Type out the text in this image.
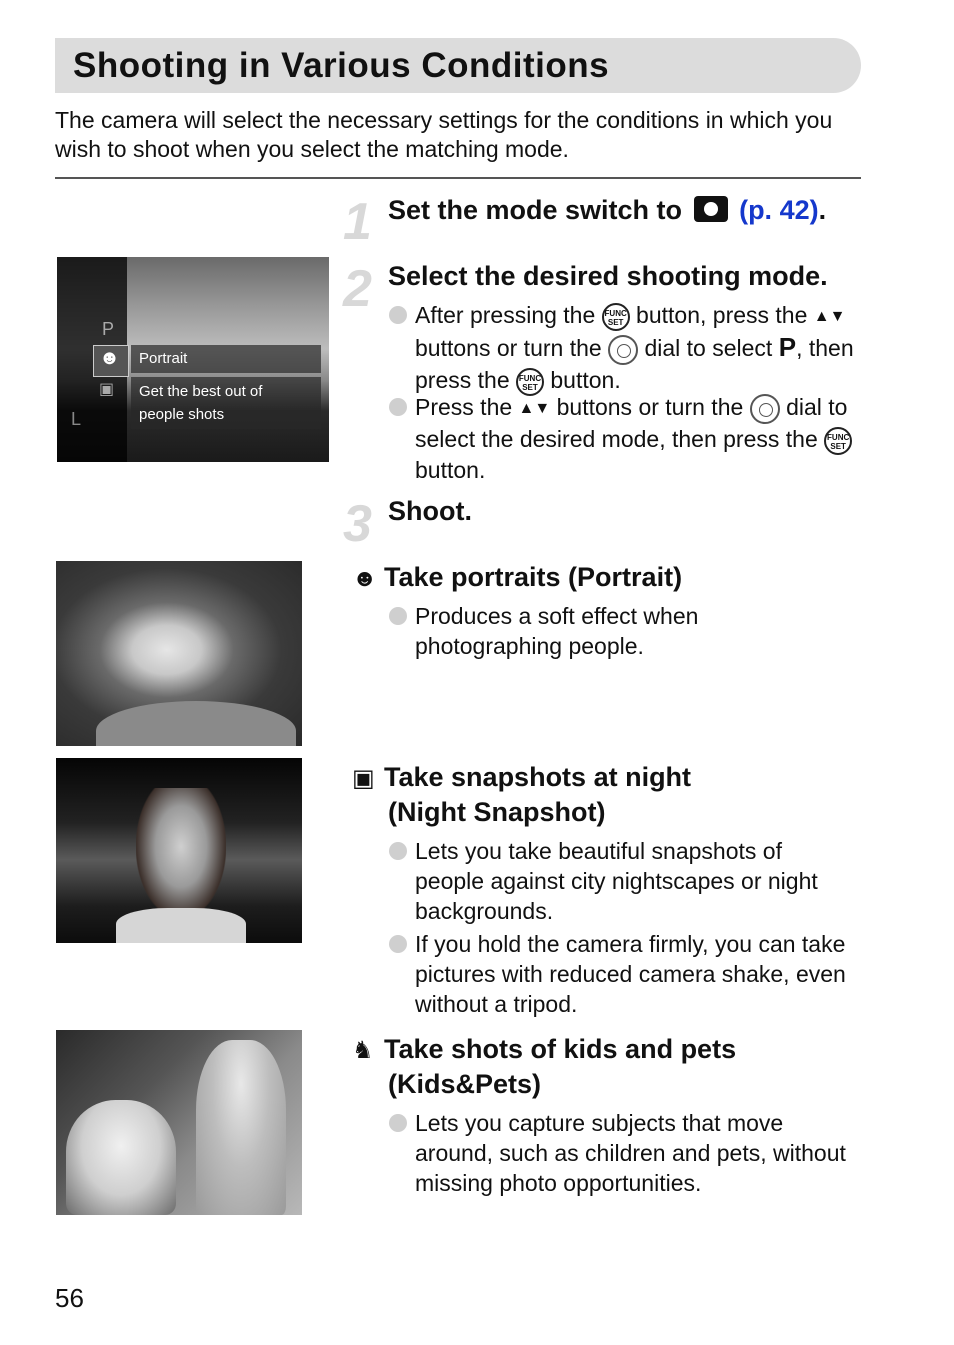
Shooting in Various Conditions
The camera will select the necessary settings for the conditions in which you wish to shoot when you select the matching mode.
1 Set the mode switch to (p. 42).
P
☻
▣
L
Portrait
Get the best out of
people shots
2 Select the desired shooting mode.
After pressing the FUNC SET button, press the ▲▼ buttons or turn the dial to select P, then press the FUNC SET button.
Press the ▲▼ buttons or turn the dial to select the desired mode, then press the FUNC SET button.
3 Shoot.
☻ Take portraits (Portrait)
Produces a soft effect when photographing people.
▣ Take snapshots at night
(Night Snapshot)
Lets you take beautiful snapshots of people against city nightscapes or night backgrounds.
If you hold the camera firmly, you can take pictures with reduced camera shake, even without a tripod.
♞ Take shots of kids and pets
(Kids&Pets)
Lets you capture subjects that move around, such as children and pets, without missing photo opportunities.
56
